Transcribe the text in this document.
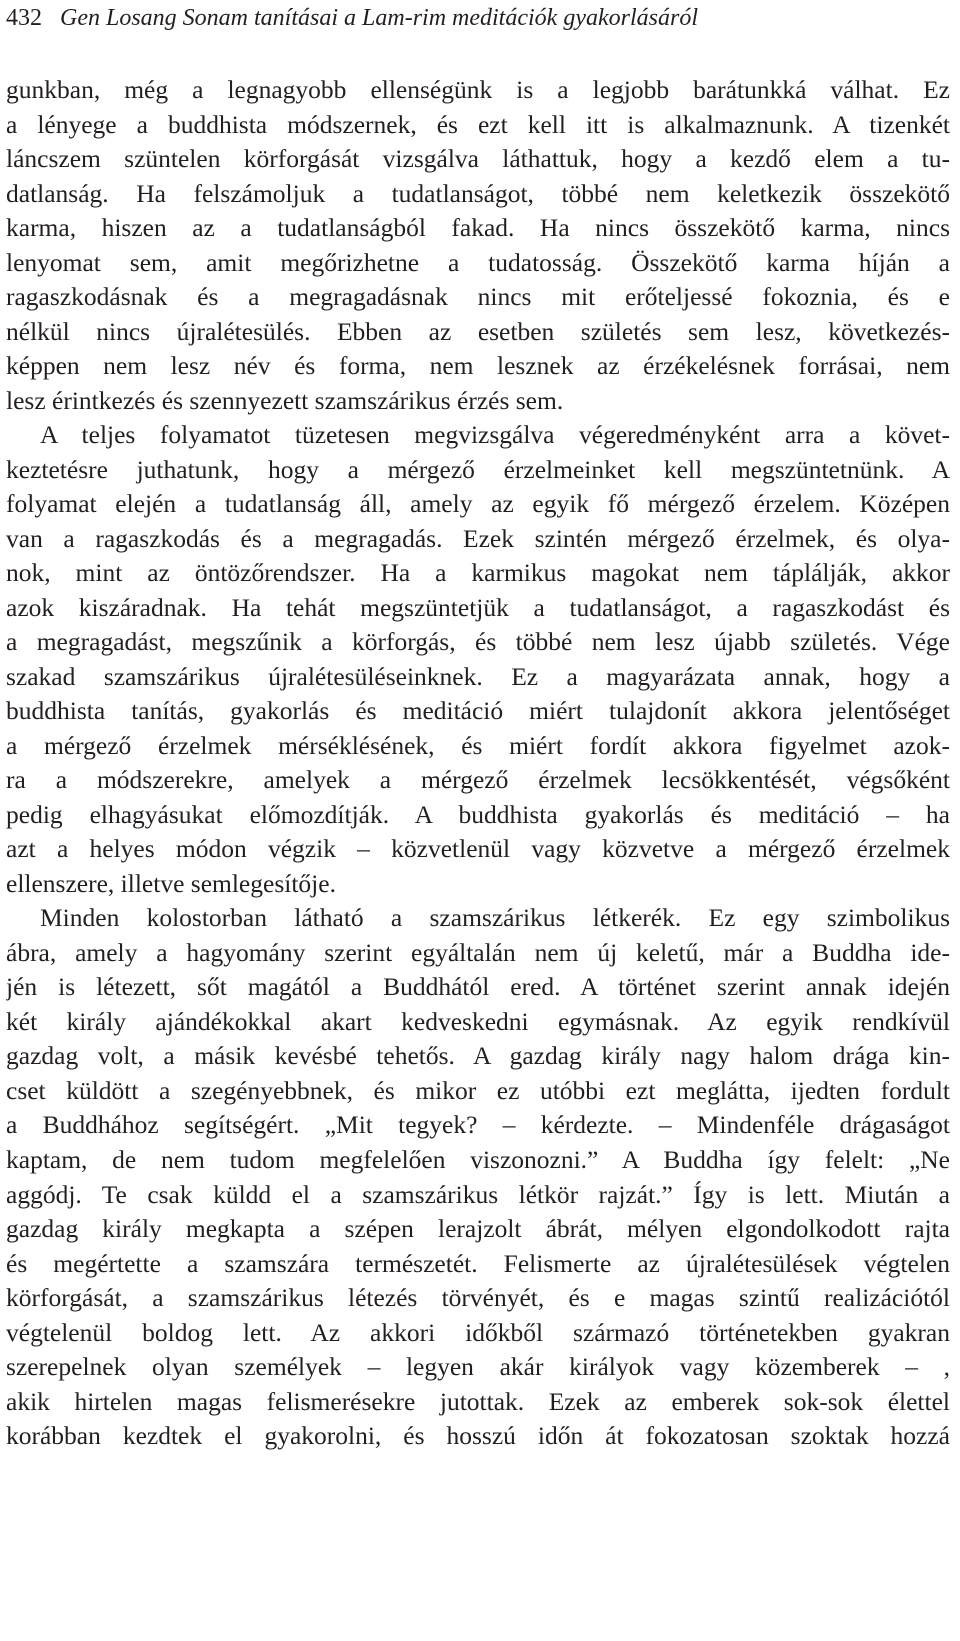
432 Gen Losang Sonam tanításai a Lam-rim meditációk gyakorlásáról
gunkban, még a legnagyobb ellenségünk is a legjobb barátunkká válhat. Ez
a lényege a buddhista módszernek, és ezt kell itt is alkalmaznunk. A tizenkét
láncszem szüntelen körforgását vizsgálva láthattuk, hogy a kezdő elem a tu-
datlanság. Ha felszámoljuk a tudatlanságot, többé nem keletkezik összekötő
karma, hiszen az a tudatlanságból fakad. Ha nincs összekötő karma, nincs
lenyomat sem, amit megőrizhetne a tudatosság. Összekötő karma híján a
ragaszkodásnak és a megragadásnak nincs mit erőteljessé fokoznia, és e
nélkül nincs újralétesülés. Ebben az esetben születés sem lesz, következés-
képpen nem lesz név és forma, nem lesznek az érzékelésnek forrásai, nem
lesz érintkezés és szennyezett szamszárikus érzés sem.
A teljes folyamatot tüzetesen megvizsgálva végeredményként arra a követ-
keztetésre juthatunk, hogy a mérgező érzelmeinket kell megszüntetnünk. A
folyamat elején a tudatlanság áll, amely az egyik fő mérgező érzelem. Középen
van a ragaszkodás és a megragadás. Ezek szintén mérgező érzelmek, és olya-
nok, mint az öntözőrendszer. Ha a karmikus magokat nem táplálják, akkor
azok kiszáradnak. Ha tehát megszüntetjük a tudatlanságot, a ragaszkodást és
a megragadást, megszűnik a körforgás, és többé nem lesz újabb születés. Vége
szakad szamszárikus újralétesüléseinknek. Ez a magyarázata annak, hogy a
buddhista tanítás, gyakorlás és meditáció miért tulajdonít akkora jelentőséget
a mérgező érzelmek mérséklésének, és miért fordít akkora figyelmet azok-
ra a módszerekre, amelyek a mérgező érzelmek lecsökkentését, végsőként
pedig elhagyásukat előmozdítják. A buddhista gyakorlás és meditáció – ha
azt a helyes módon végzik – közvetlenül vagy közvetve a mérgező érzelmek
ellenszere, illetve semlegesítője.
Minden kolostorban látható a szamszárikus létkerék. Ez egy szimbolikus
ábra, amely a hagyomány szerint egyáltalán nem új keletű, már a Buddha ide-
jén is létezett, sőt magától a Buddhától ered. A történet szerint annak idején
két király ajándékokkal akart kedveskedni egymásnak. Az egyik rendkívül
gazdag volt, a másik kevésbé tehetős. A gazdag király nagy halom drága kin-
cset küldött a szegényebbnek, és mikor ez utóbbi ezt meglátta, ijedten fordult
a Buddhához segítségért. „Mit tegyek? – kérdezte. – Mindenféle drágaságot
kaptam, de nem tudom megfelelően viszonozni.” A Buddha így felelt: „Ne
aggódj. Te csak küldd el a szamszárikus létkör rajzát.” Így is lett. Miután a
gazdag király megkapta a szépen lerajzolt ábrát, mélyen elgondolkodott rajta
és megértette a szamszára természetét. Felismerte az újralétesülések végtelen
körforgását, a szamszárikus létezés törvényét, és e magas szintű realizációtól
végtelenül boldog lett. Az akkori időkből származó történetekben gyakran
szerepelnek olyan személyek – legyen akár királyok vagy közemberek – ,
akik hirtelen magas felismerésekre jutottak. Ezek az emberek sok-sok élettel
korábban kezdtek el gyakorolni, és hosszú időn át fokozatosan szoktak hozzá
